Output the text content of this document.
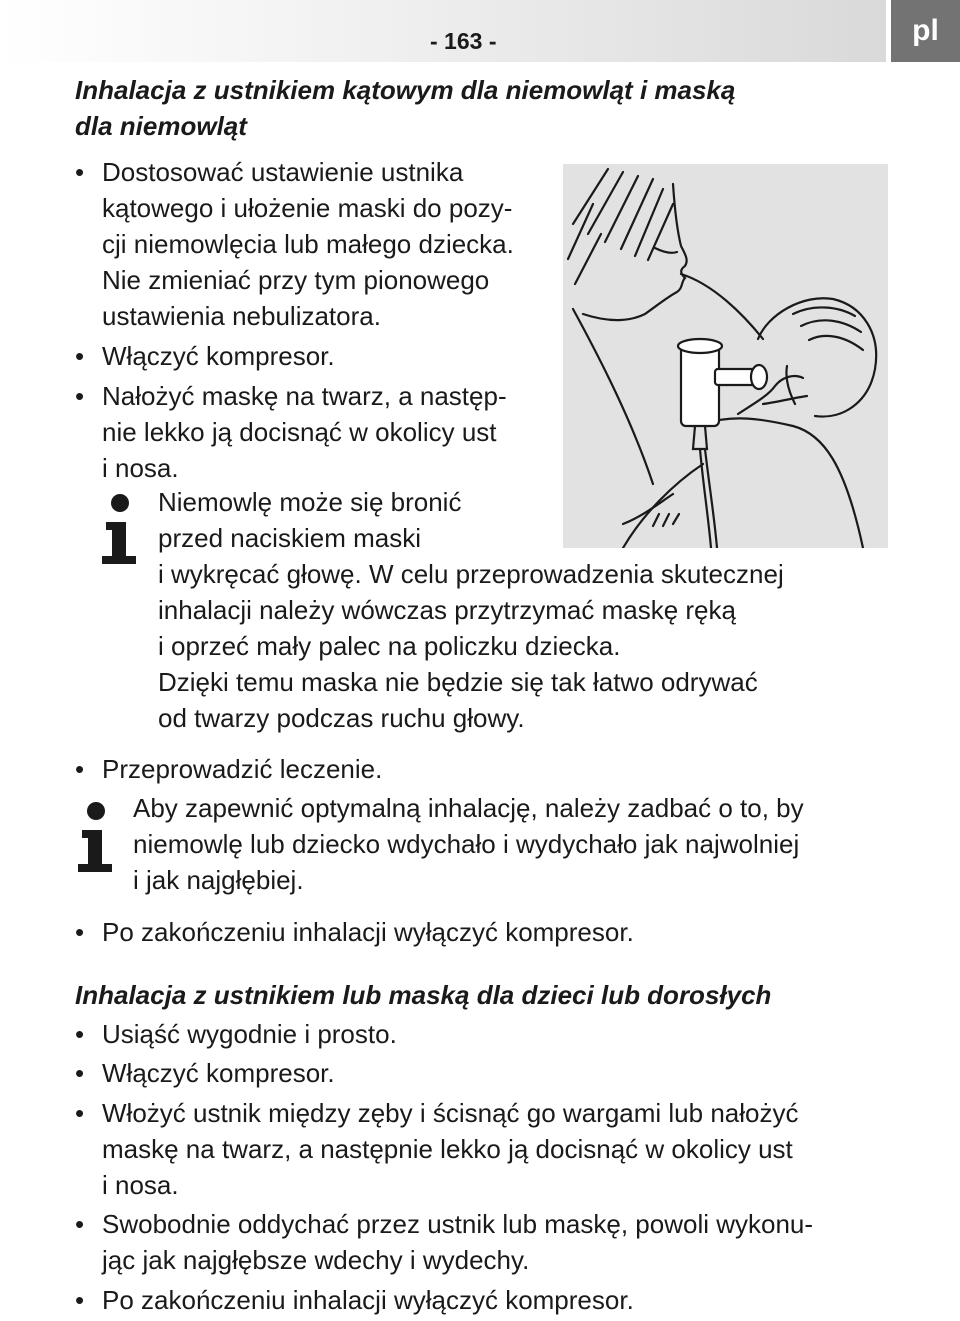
- 163 -	pl

Inhalacja z ustnikiem kątowym dla niemowląt i maską
dla niemowląt

• Dostosować ustawienie ustnika
kątowego i ułożenie maski do pozy-
cji niemowlęcia lub małego dziecka.
Nie zmieniać przy tym pionowego
ustawienia nebulizatora.

• Włączyć kompresor.

• Nałożyć maskę na twarz, a następ-
nie lekko ją docisnąć w okolicy ust
i nosa.

Niemowlę może się bronić
przed naciskiem maski
i wykręcać głowę. W celu przeprowadzenia skutecznej
inhalacji należy wówczas przytrzymać maskę ręką
i oprzeć mały palec na policzku dziecka.
Dzięki temu maska nie będzie się tak łatwo odrywać
od twarzy podczas ruchu głowy.

• Przeprowadzić leczenie.

Aby zapewnić optymalną inhalację, należy zadbać o to, by
niemowlę lub dziecko wdychało i wydychało jak najwolniej
i jak najgłębiej.

• Po zakończeniu inhalacji wyłączyć kompresor.

Inhalacja z ustnikiem lub maską dla dzieci lub dorosłych

• Usiąść wygodnie i prosto.

• Włączyć kompresor.

• Włożyć ustnik między zęby i ścisnąć go wargami lub nałożyć
maskę na twarz, a następnie lekko ją docisnąć w okolicy ust
i nosa.

• Swobodnie oddychać przez ustnik lub maskę, powoli wykonu-
jąc jak najgłębsze wdechy i wydechy.

• Po zakończeniu inhalacji wyłączyć kompresor.
